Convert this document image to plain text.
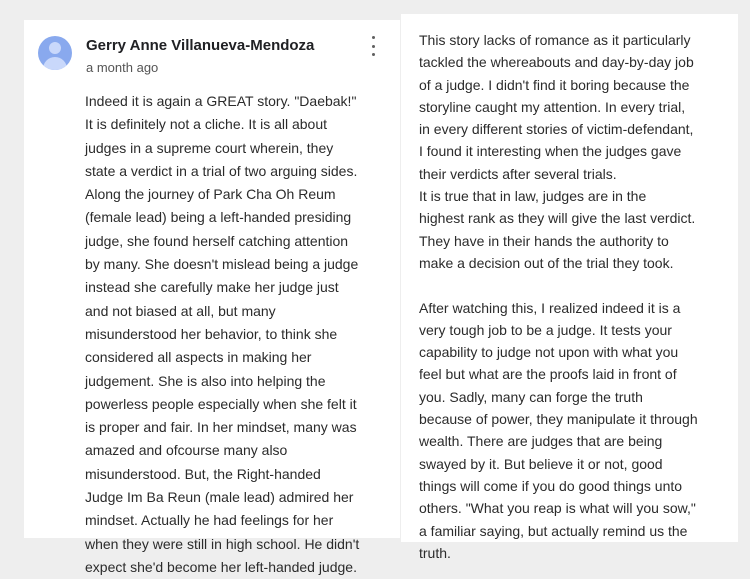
Gerry Anne Villanueva-Mendoza
a month ago
Indeed it is again a GREAT story. "Daebak!"
It is definitely not a cliche. It is all about
judges in a supreme court wherein, they
state a verdict in a trial of two arguing sides.
Along the journey of Park Cha Oh Reum
(female lead) being a left-handed presiding
judge, she found herself catching attention
by many. She doesn't mislead being a judge
instead she carefully make her judge just
and not biased at all, but many
misunderstood her behavior, to think she
considered all aspects in making her
judgement. She is also into helping the
powerless people especially when she felt it
is proper and fair. In her mindset, many was
amazed and ofcourse many also
misunderstood. But, the Right-handed
Judge Im Ba Reun (male lead) admired her
mindset. Actually he had feelings for her
when they were still in high school. He didn't
expect she'd become her left-handed judge.
This story lacks of romance as it particularly
tackled the whereabouts and day-by-day job
of a judge. I didn't find it boring because the
storyline caught my attention. In every trial,
in every different stories of victim-defendant,
I found it interesting when the judges gave
their verdicts after several trials.
It is true that in law, judges are in the
highest rank as they will give the last verdict.
They have in their hands the authority to
make a decision out of the trial they took.
After watching this, I realized indeed it is a
very tough job to be a judge. It tests your
capability to judge not upon with what you
feel but what are the proofs laid in front of
you. Sadly, many can forge the truth
because of power, they manipulate it through
wealth. There are judges that are being
swayed by it. But believe it or not, good
things will come if you do good things unto
others. "What you reap is what will you sow,"
a familiar saying, but actually remind us the
truth.
